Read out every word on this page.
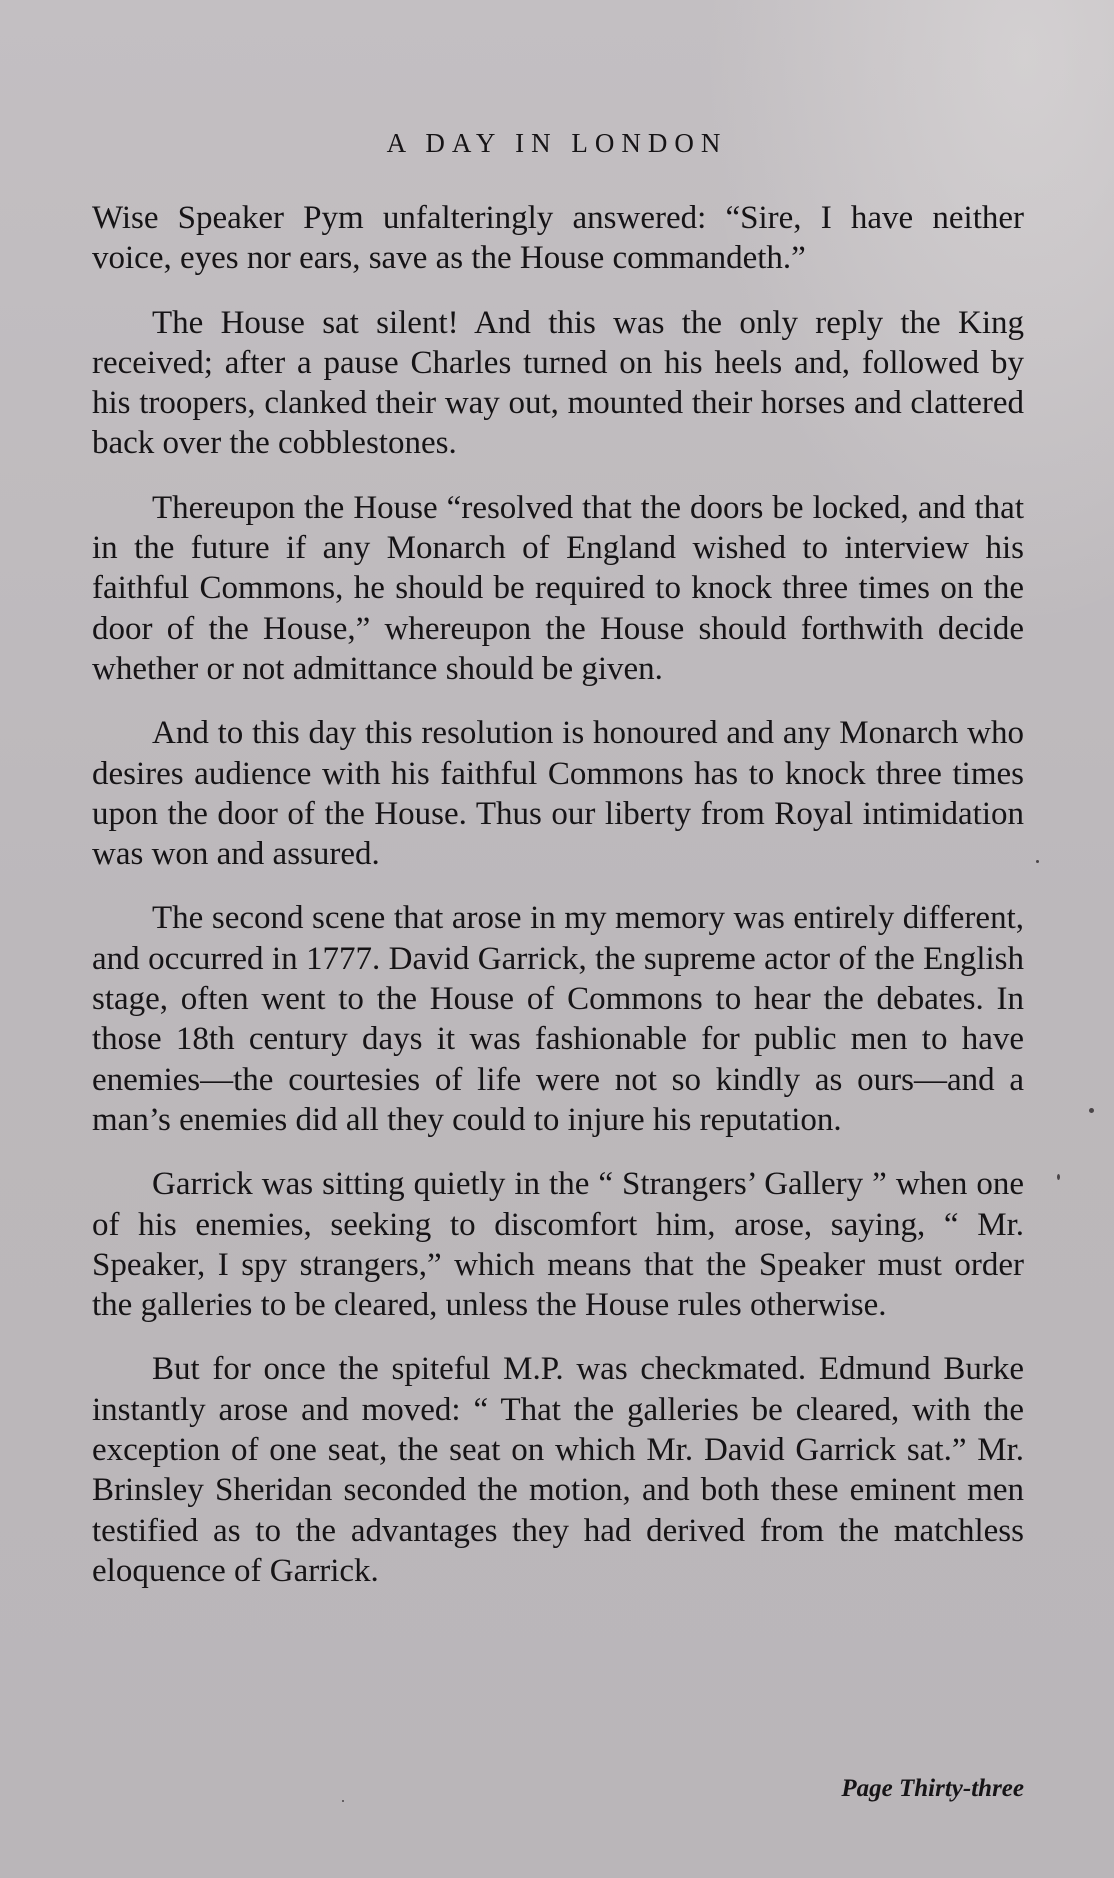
A DAY IN LONDON

Wise Speaker Pym unfalteringly answered: “Sire, I have neither voice, eyes nor ears, save as the House commandeth.”

The House sat silent! And this was the only reply the King received; after a pause Charles turned on his heels and, followed by his troopers, clanked their way out, mounted their horses and clattered back over the cobblestones.

Thereupon the House “resolved that the doors be locked, and that in the future if any Monarch of England wished to interview his faithful Commons, he should be required to knock three times on the door of the House,” whereupon the House should forthwith decide whether or not admittance should be given.

And to this day this resolution is honoured and any Monarch who desires audience with his faithful Commons has to knock three times upon the door of the House. Thus our liberty from Royal intimidation was won and assured.

The second scene that arose in my memory was entirely different, and occurred in 1777. David Garrick, the supreme actor of the English stage, often went to the House of Commons to hear the debates. In those 18th century days it was fashionable for public men to have enemies—the courtesies of life were not so kindly as ours—and a man’s enemies did all they could to injure his reputation.

Garrick was sitting quietly in the “ Strangers’ Gallery ” when one of his enemies, seeking to discomfort him, arose, saying, “ Mr. Speaker, I spy strangers,” which means that the Speaker must order the galleries to be cleared, unless the House rules otherwise.

But for once the spiteful M.P. was checkmated. Edmund Burke instantly arose and moved: “ That the galleries be cleared, with the exception of one seat, the seat on which Mr. David Garrick sat.” Mr. Brinsley Sheridan seconded the motion, and both these eminent men testified as to the advantages they had derived from the matchless eloquence of Garrick.

Page Thirty-three
